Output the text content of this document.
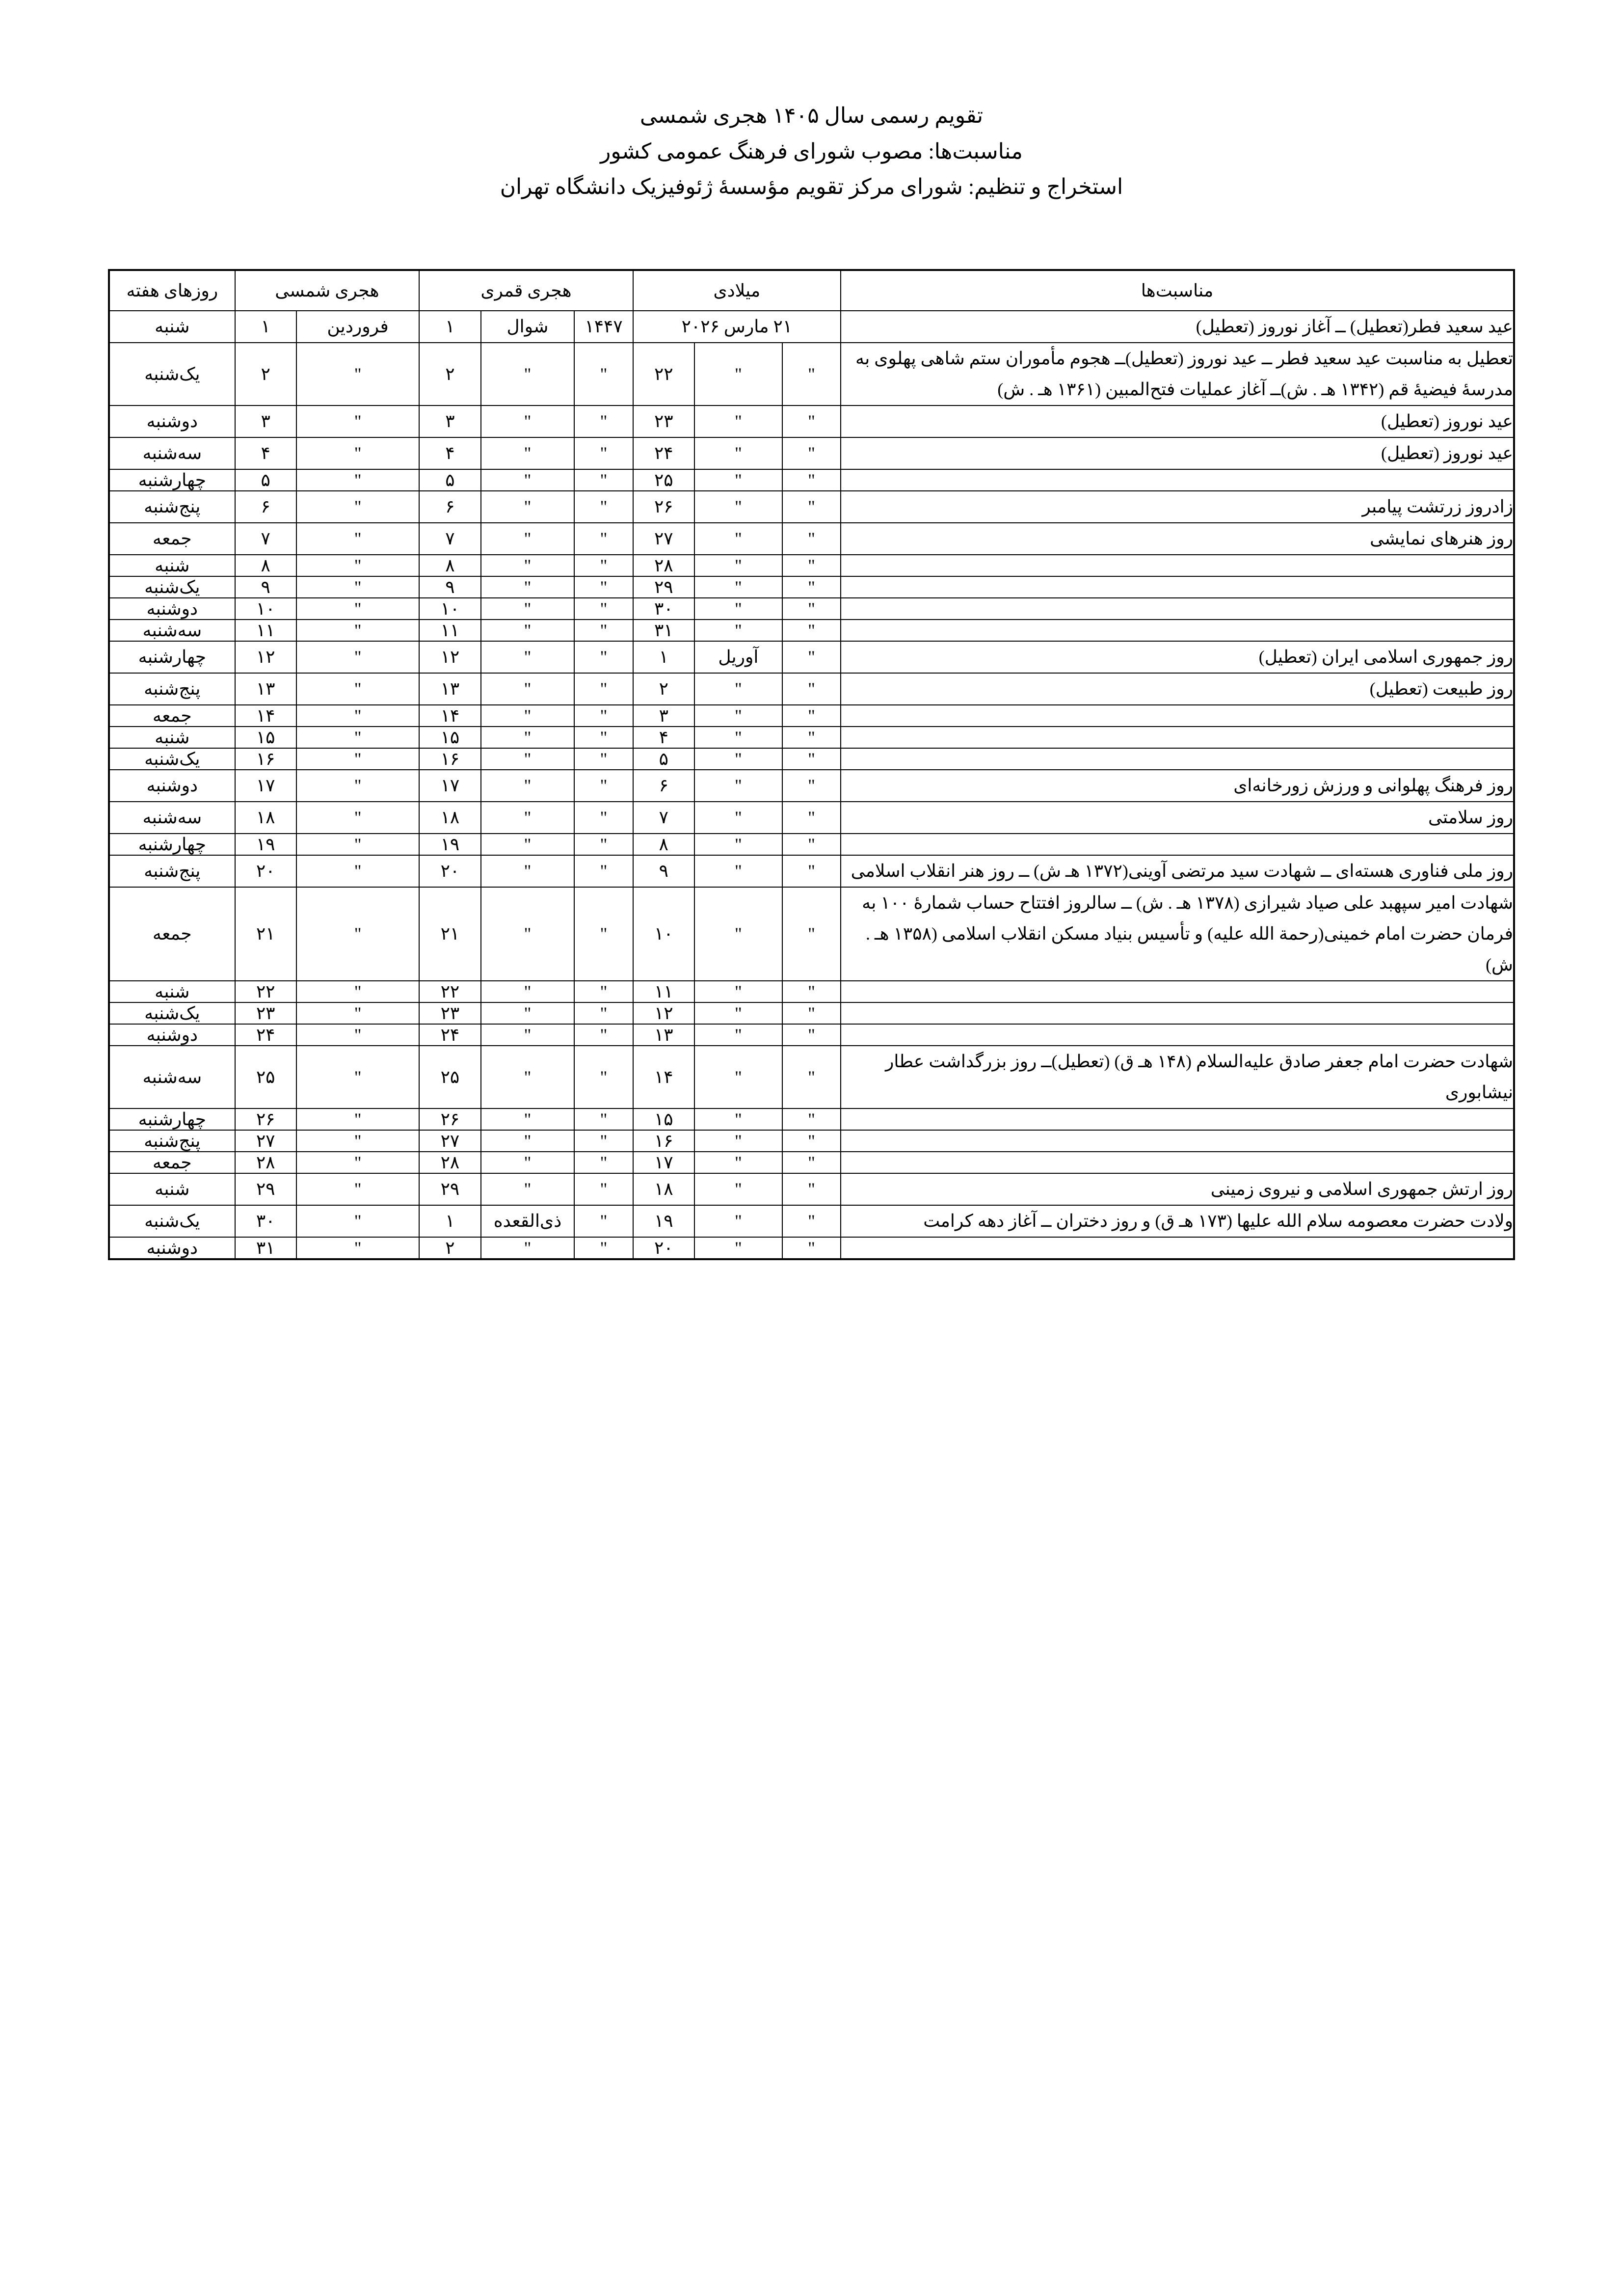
تقویم رسمی سال ۱۴۰۵ هجری شمسی
مناسبت‌ها: مصوب شورای فرهنگ عمومی کشور
استخراج و تنظیم: شورای مرکز تقویم مؤسسهٔ ژئوفیزیک دانشگاه تهران
مناسبت‌ها	میلادی			هجری قمری			هجری شمسی		روزهای هفته
عید سعید فطر(تعطیل) ــ آغاز نوروز (تعطیل)	۲۱ مارس ۲۰۲۶			۱۴۴۷	شوال	۱	فروردین	۱	شنبه
تعطیل به مناسبت عید سعید فطر ــ عید نوروز (تعطیل)ــ هجوم مأموران ستم شاهی پهلوی به مدرسهٔ فیضیهٔ قم (۱۳۴۲ هـ . ش)ــ آغاز عملیات فتح‌المبین (۱۳۶۱ هـ . ش)	"	"	۲۲	"	"	۲	"	۲	یک‌شنبه
عید نوروز (تعطیل)	"	"	۲۳	"	"	۳	"	۳	دوشنبه
عید نوروز (تعطیل)	"	"	۲۴	"	"	۴	"	۴	سه‌شنبه
	"	"	۲۵	"	"	۵	"	۵	چهارشنبه
زادروز زرتشت پیامبر	"	"	۲۶	"	"	۶	"	۶	پنج‌شنبه
روز هنرهای نمایشی	"	"	۲۷	"	"	۷	"	۷	جمعه
	"	"	۲۸	"	"	۸	"	۸	شنبه
	"	"	۲۹	"	"	۹	"	۹	یک‌شنبه
	"	"	۳۰	"	"	۱۰	"	۱۰	دوشنبه
	"	"	۳۱	"	"	۱۱	"	۱۱	سه‌شنبه
روز جمهوری اسلامی ایران (تعطیل)	"	آوریل	۱	"	"	۱۲	"	۱۲	چهارشنبه
روز طبیعت (تعطیل)	"	"	۲	"	"	۱۳	"	۱۳	پنج‌شنبه
	"	"	۳	"	"	۱۴	"	۱۴	جمعه
	"	"	۴	"	"	۱۵	"	۱۵	شنبه
	"	"	۵	"	"	۱۶	"	۱۶	یک‌شنبه
روز فرهنگ پهلوانی و ورزش زورخانه‌ای	"	"	۶	"	"	۱۷	"	۱۷	دوشنبه
روز سلامتی	"	"	۷	"	"	۱۸	"	۱۸	سه‌شنبه
	"	"	۸	"	"	۱۹	"	۱۹	چهارشنبه
روز ملی فناوری هسته‌ای ــ شهادت سید مرتضی آوینی(۱۳۷۲ هـ ش) ــ روز هنر انقلاب اسلامی	"	"	۹	"	"	۲۰	"	۲۰	پنج‌شنبه
شهادت امیر سپهبد علی صیاد شیرازی (۱۳۷۸ هـ . ش) ــ سالروز افتتاح حساب شمارهٔ ۱۰۰ به فرمان حضرت امام خمینی(رحمة الله علیه) و تأسیس بنیاد مسکن انقلاب اسلامی (۱۳۵۸ هـ . ش)	"	"	۱۰	"	"	۲۱	"	۲۱	جمعه
	"	"	۱۱	"	"	۲۲	"	۲۲	شنبه
	"	"	۱۲	"	"	۲۳	"	۲۳	یک‌شنبه
	"	"	۱۳	"	"	۲۴	"	۲۴	دوشنبه
شهادت حضرت امام جعفر صادق علیه‌السلام (۱۴۸ هـ ق) (تعطیل)ــ روز بزرگداشت عطار نیشابوری	"	"	۱۴	"	"	۲۵	"	۲۵	سه‌شنبه
	"	"	۱۵	"	"	۲۶	"	۲۶	چهارشنبه
	"	"	۱۶	"	"	۲۷	"	۲۷	پنج‌شنبه
	"	"	۱۷	"	"	۲۸	"	۲۸	جمعه
روز ارتش جمهوری اسلامی و نیروی زمینی	"	"	۱۸	"	"	۲۹	"	۲۹	شنبه
ولادت حضرت معصومه سلام الله علیها (۱۷۳ هـ ق) و روز دختران ــ آغاز دهه کرامت	"	"	۱۹	"	ذی‌القعده	۱	"	۳۰	یک‌شنبه
	"	"	۲۰	"	"	۲	"	۳۱	دوشنبه
